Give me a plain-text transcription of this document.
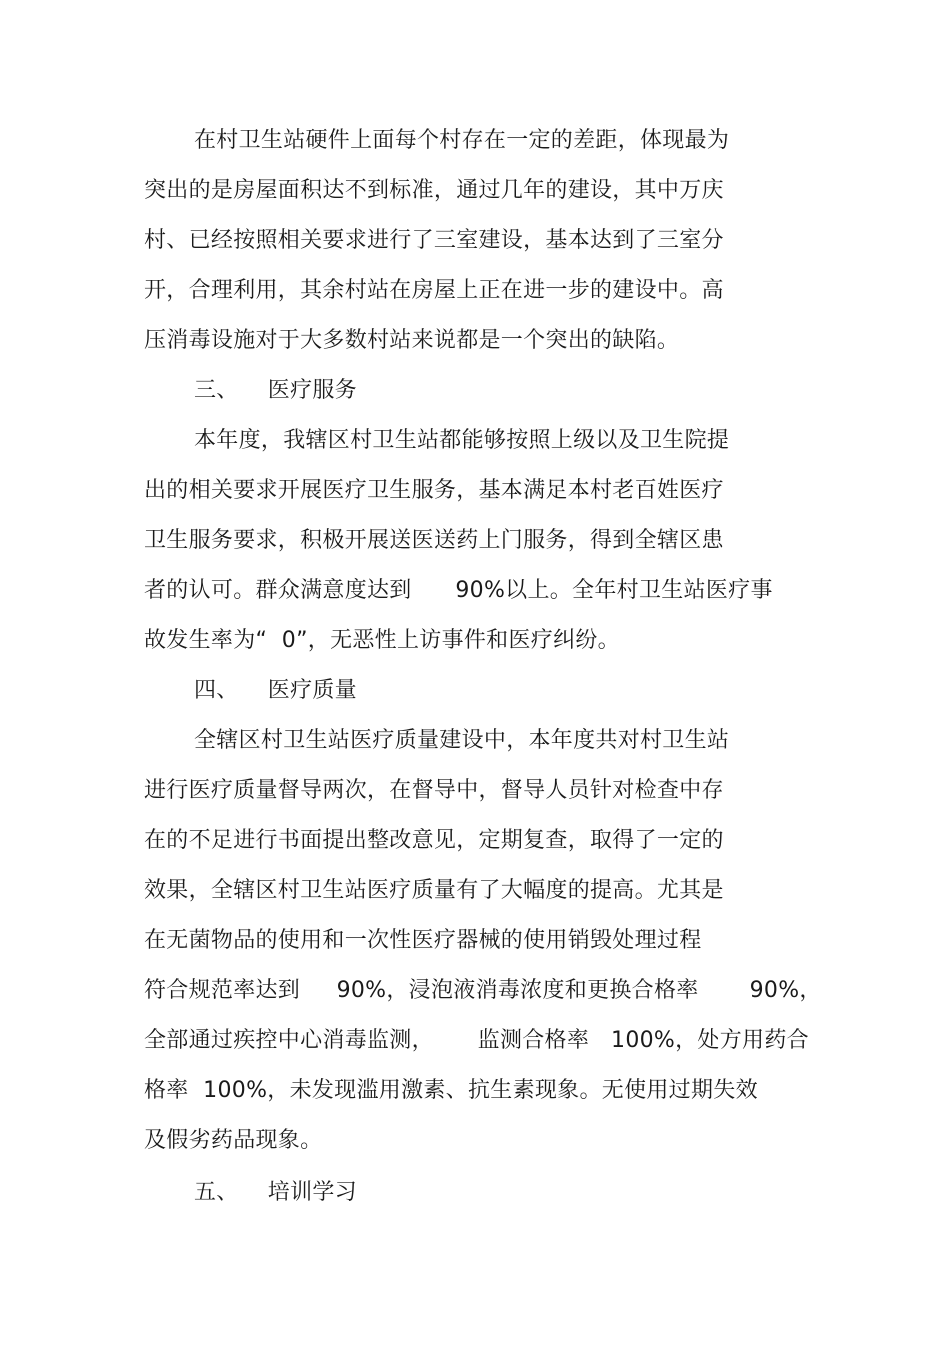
在村卫生站硬件上面每个村存在一定的差距，体现最为
突出的是房屋面积达不到标准，通过几年的建设，其中万庆
村、已经按照相关要求进行了三室建设，基本达到了三室分
开，合理利用，其余村站在房屋上正在进一步的建设中。高
压消毒设施对于大多数村站来说都是一个突出的缺陷。
三、    医疗服务
本年度，我辖区村卫生站都能够按照上级以及卫生院提
出的相关要求开展医疗卫生服务，基本满足本村老百姓医疗
卫生服务要求，积极开展送医送药上门服务，得到全辖区患
者的认可。群众满意度达到      90%以上。全年村卫生站医疗事
故发生率为“  0”，无恶性上访事件和医疗纠纷。
四、    医疗质量
全辖区村卫生站医疗质量建设中，本年度共对村卫生站
进行医疗质量督导两次，在督导中，督导人员针对检查中存
在的不足进行书面提出整改意见，定期复查，取得了一定的
效果，全辖区村卫生站医疗质量有了大幅度的提高。尤其是
在无菌物品的使用和一次性医疗器械的使用销毁处理过程
符合规范率达到     90%，浸泡液消毒浓度和更换合格率       90%，
全部通过疾控中心消毒监测，      监测合格率   100%，处方用药合
格率  100%，未发现滥用激素、抗生素现象。无使用过期失效
及假劣药品现象。
五、    培训学习
